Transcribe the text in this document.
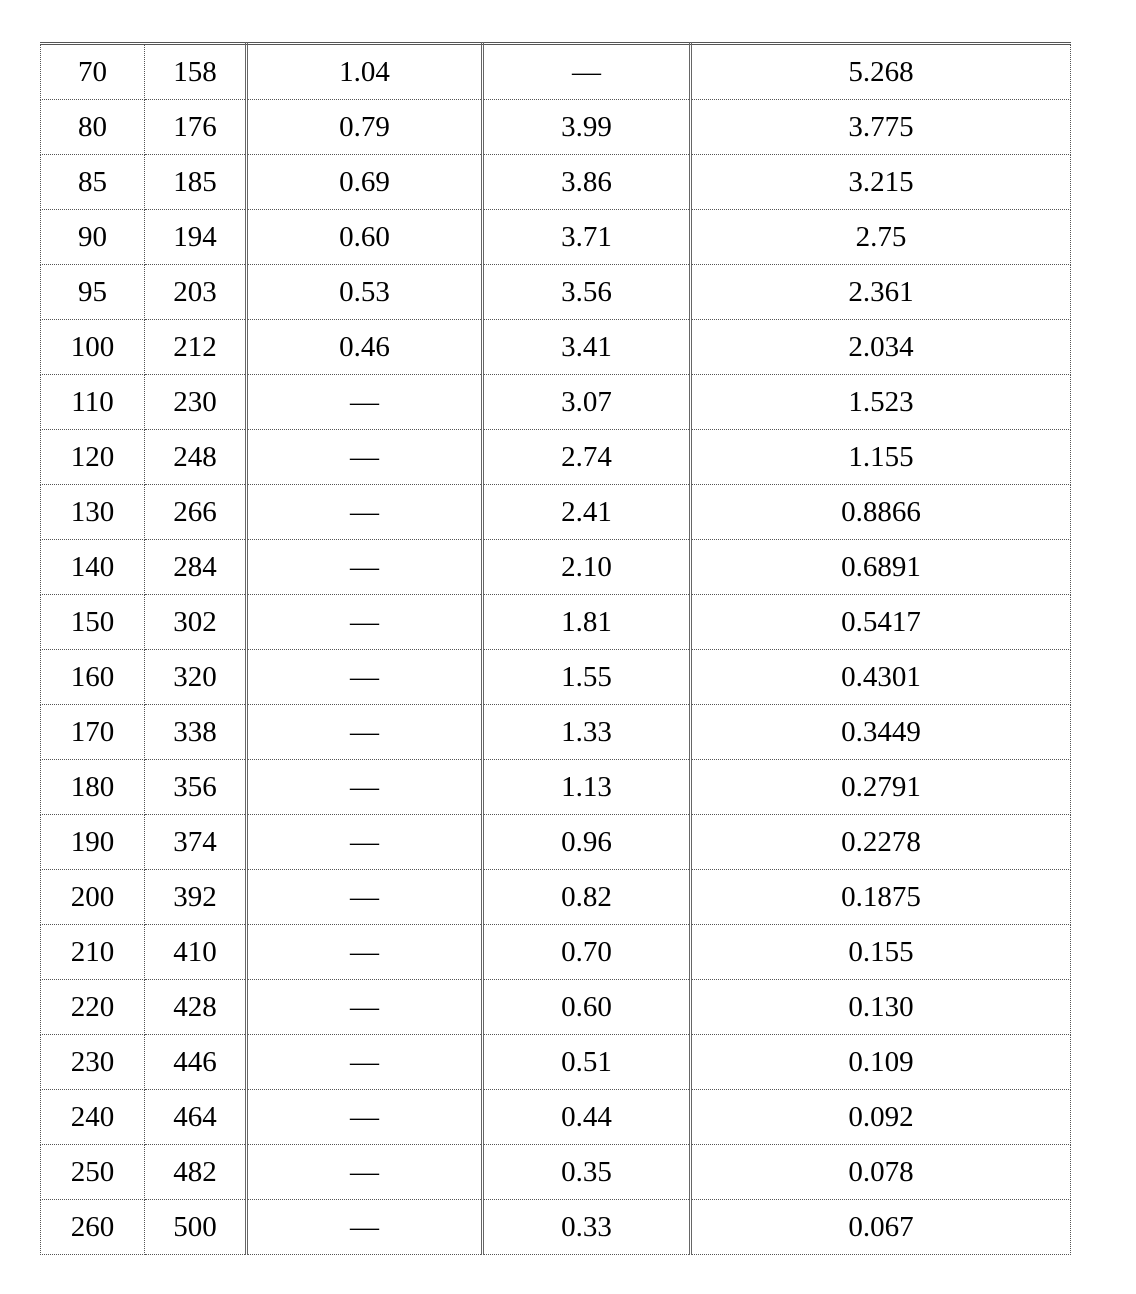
70	158	1.04	—	5.268
80	176	0.79	3.99	3.775
85	185	0.69	3.86	3.215
90	194	0.60	3.71	2.75
95	203	0.53	3.56	2.361
100	212	0.46	3.41	2.034
110	230	—	3.07	1.523
120	248	—	2.74	1.155
130	266	—	2.41	0.8866
140	284	—	2.10	0.6891
150	302	—	1.81	0.5417
160	320	—	1.55	0.4301
170	338	—	1.33	0.3449
180	356	—	1.13	0.2791
190	374	—	0.96	0.2278
200	392	—	0.82	0.1875
210	410	—	0.70	0.155
220	428	—	0.60	0.130
230	446	—	0.51	0.109
240	464	—	0.44	0.092
250	482	—	0.35	0.078
260	500	—	0.33	0.067
